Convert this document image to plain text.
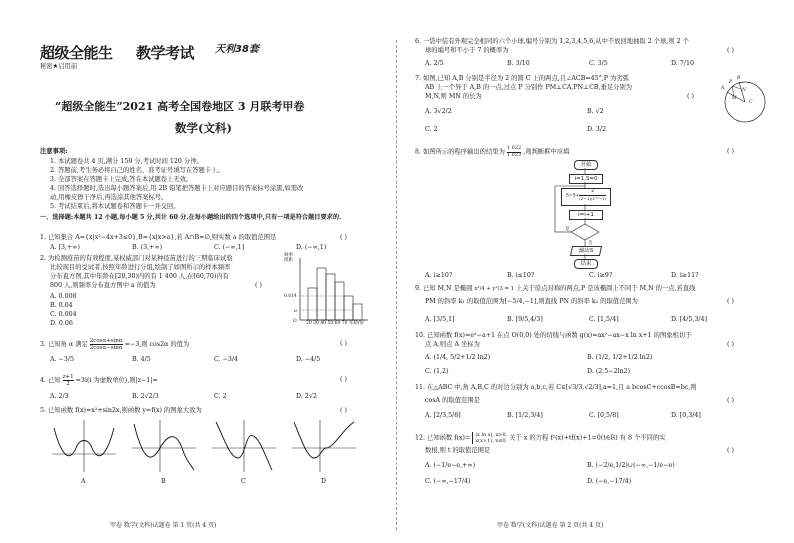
超级全能生 教学考试 天利38套
秘密★启用前
“超级全能生”2021 高考全国卷地区 3 月联考甲卷
数学(文科)
注意事项:
1. 本试题卷共 4 页,满分 150 分,考试时间 120 分钟。
2. 答题前,考生务必将自己的姓名、准考证号填写在答题卡上。
3. 全部答案在答题卡上完成,答在本试题卷上无效。
4. 回答选择题时,选出每小题答案后,用 2B 铅笔把答题卡上对应题目的答案标号涂黑,如需改
动,用橡皮擦干净后,再选涂其他答案标号。
5. 考试结束后,将本试题卷和答题卡一并交回。
一、选择题:本题共 12 小题,每小题 5 分,共计 60 分.在每小题给出的四个选项中,只有一项是符合题目要求的.
1. 已知集合 A={x|x²−4x+3≤0},B={x|x>a},若 A∩B=∅,则实数 a 的取值范围是	( )
A. [3,+∞)	B. (3,+∞)	C. (−∞,1]	D. (−∞,1)
2. 为检测疫苗的有效程度,某权威部门对某种疫苗进行的三期临床试验
比较现目的受试者,按照年龄进行分组,绘制了如图所示的样本频率
分布直方图,其中年龄在[20,30)内的有 1 400 人,在[60,70)内有
800 人,则频率分布直方图中 a 的值为	( )
A. 0.008
B. 0.04
C. 0.004
D. 0.06
频率
组距
0.014
a
O 20 30 40 50 60 70 年龄/岁
3. 已知角 α 满足 $\frac{2\cos\alpha+\sin\alpha}{2\cos\alpha-\sin\alpha} =-3$,则 cos2α 的值为	( )
A. −3/5	B. 4/5	C. −3/4	D. −4/5
4. 已知 $\frac{z+1}{2} =3i(i$ 为虚数单位),则|z−1|=	( )
A. 2/3	B. 2√2/3	C. 2	D. 2√2
5. 已知函数 f(x)=x²+sin2x,则函数 y=f(x) 的图象大致为	( )
A	B	C	D
甲卷 数学(文科)试题卷 第 1 页(共 4 页)
6. 一袋中装有外观完全相同的六个小球,编号分别为 1,2,3,4,5,6,从中不放回地抽取 2 个球,则 2 个
球的编号和不小于 7 的概率为	( )
A. 2/5	B. 3/10	C. 3/5	D. 7/10
7. 如图,已知 A,B 分别是半径为 2 的圆 C 上的两点,且∠ACB=45°,P 为劣弧
AB 上一个异于 A,B 的一点,过点 P 分别作 PM⊥CA,PN⊥CB,垂足分别为
M,N,则 MN 的长为	( )
A. 3√2/2	B. √2
C. 2	D. 3/2
A
B
C
M
N
P
8. 如图所示的程序输出的结果为 $\frac{1 022}{1 023}$ ,则判断框中应填	( )
开始
i=1,S=0
S=S+
2
(2ⁱ−1)(2ⁱ⁺¹−1)
i=i+1
是
否
输出S
结束
A. i≥10?	B. i≤10?	C. i≥9?	D. i≥11?
9. 已知 M,N 是椭圆 x²/4 + y²/3 = 1 上关于原点对称的两点,P 是该椭圆上不同于 M,N 的一点,若直线
PM 的斜率 k₁ 的取值范围为[−5/4,−1],则直线 PN 的斜率 k₂ 的取值范围为	( )
A. [3/5,1]	B. [9/5,4/3]	C. [1,5/4]	D. [4/5,3/4]
10. 已知函数 f(x)=eˣ−a+1 在点 O(0,0) 处的切线与函数 g(x)=ax²−ax−x ln x+1 的图象相切于
点 A,则点 A 坐标为	( )
A. (1/4, 5/2+1/2 ln2)	B. (1/2, 1/2+1/2 ln2)
C. (1,2)	D. (2.5−2ln2)
11. 在△ABC 中,角 A,B,C 的对边分别为 a,b,c,若 C∈[√3/3,√2/3],a=1,且 a bcosC+ccosB=bc,则
cosA 的取值范围是	( )
A. [2/3,5/8]	B. [1/2,3/4]	C. [0,5/8]	D. [0,3/4]
12. 已知函数 f(x)= |x ln x|, x>0,
x(x+1), x≤0, 关于 x 的方程 f²(x)+tf(x)+1=0(t∈R) 有 8 个不同的实
数根,则 t 的取值范围是	( )
A. (−1/e−e,+∞)	B. (−2/e,1/2)∪(−∞,−1/e−e)
C. (−∞,−17/4)	D. (−e,−17/4)
甲卷 数学(文科)试题卷 第 2 页(共 4 页)
